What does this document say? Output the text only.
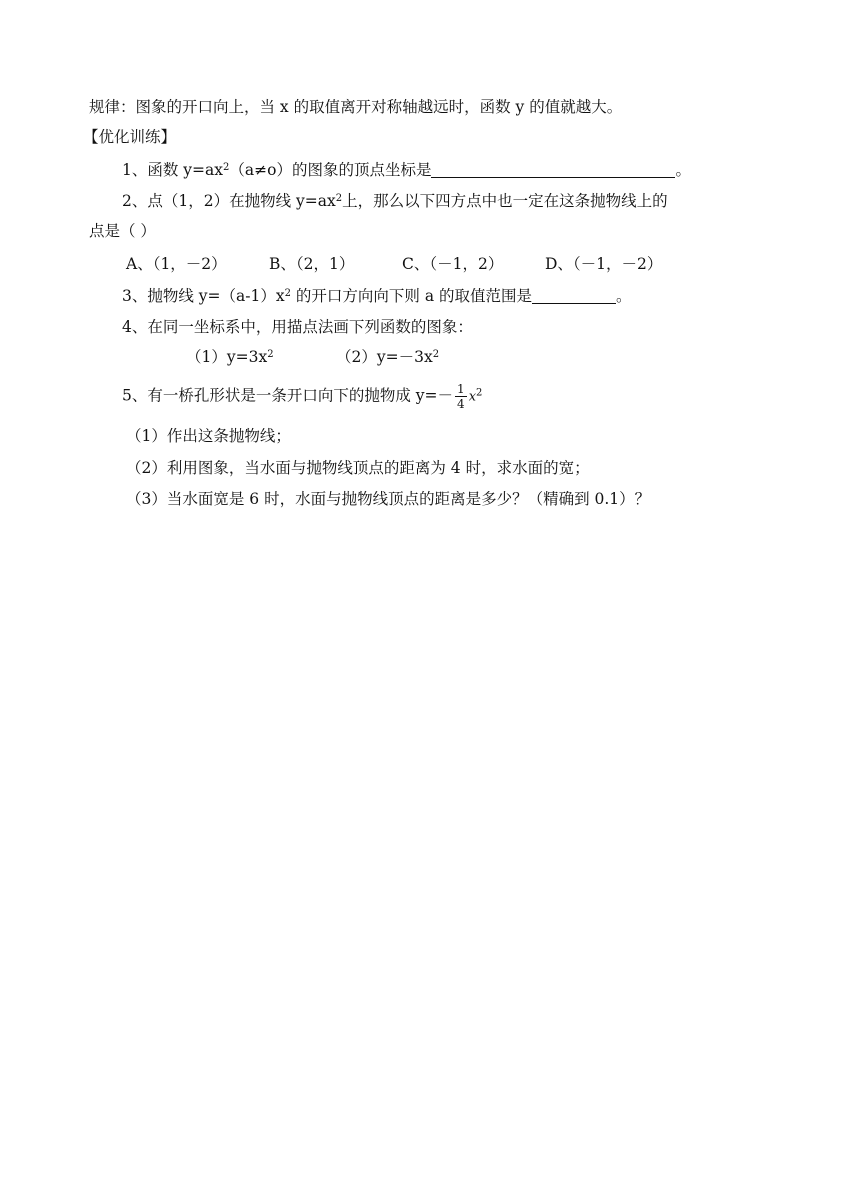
规律：图象的开口向上，当 x 的取值离开对称轴越远时，函数 y 的值就越大。
【优化训练】
1、函数 $y=ax^2(a\ne o)$的图象的顶点坐标是	。
2、点（1，2）在抛物线 $y=ax^2$上，那么以下四方点中也一定在这条抛物线上的
点是（ ）
A、（1，－2）	B、（2，1）	C、（－1，2）	D、（－1，－2）
3、抛物线 $y=(a-1)x^2$ 的开口方向向下则 a 的取值范围是	。
4、在同一坐标系中，用描点法画下列函数的图象：
$(1)y=3x^2$	$(2)y=-3x^2$
5、有一桥孔形状是一条开口向下的抛物成 $y=- \frac{1}{4} x^2$
（1）作出这条抛物线；
（2）利用图象，当水面与抛物线顶点的距离为 4 时，求水面的宽；
（3）当水面宽是 6 时，水面与抛物线顶点的距离是多少？（精确到 0.1）？
